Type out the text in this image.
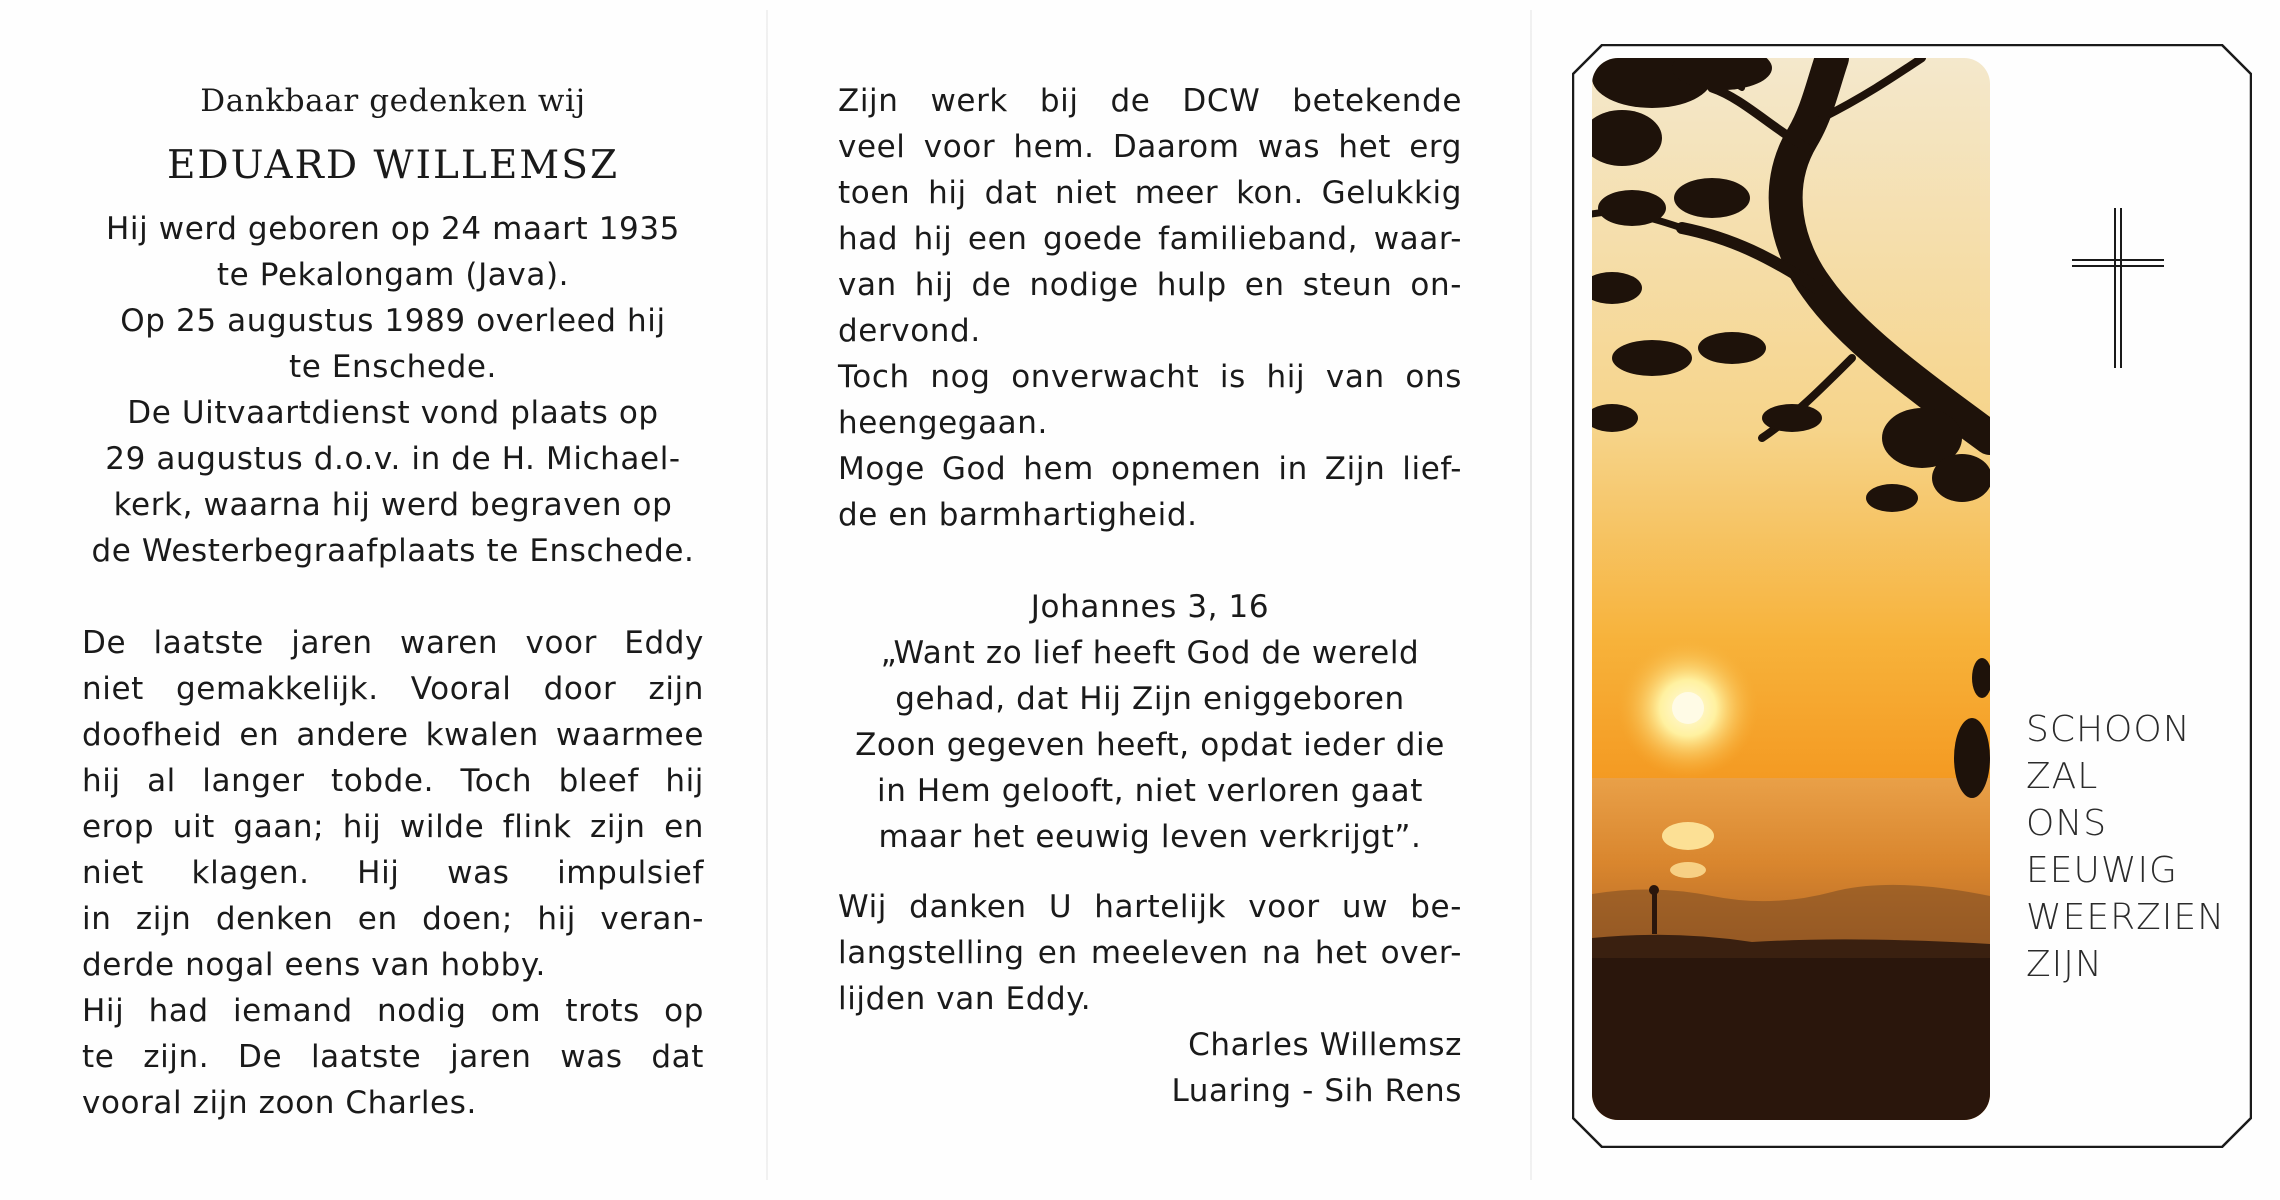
Dankbaar gedenken wij
EDUARD WILLEMSZ
Hij werd geboren op 24 maart 1935
te Pekalongam (Java).
Op 25 augustus 1989 overleed hij
te Enschede.
De Uitvaartdienst vond plaats op
29 augustus d.o.v. in de H. Michael-
kerk, waarna hij werd begraven op
de Westerbegraafplaats te Enschede.
De laatste jaren waren voor Eddy
niet gemakkelijk. Vooral door zijn
doofheid en andere kwalen waarmee
hij al langer tobde. Toch bleef hij
erop uit gaan; hij wilde flink zijn en
niet klagen. Hij was impulsief
in zijn denken en doen; hij veran-
derde nogal eens van hobby.
Hij had iemand nodig om trots op
te zijn. De laatste jaren was dat
vooral zijn zoon Charles.
Zijn werk bij de DCW betekende
veel voor hem. Daarom was het erg
toen hij dat niet meer kon. Gelukkig
had hij een goede familieband, waar-
van hij de nodige hulp en steun on-
dervond.
Toch nog onverwacht is hij van ons
heengegaan.
Moge God hem opnemen in Zijn lief-
de en barmhartigheid.
Johannes 3, 16
„Want zo lief heeft God de wereld
gehad, dat Hij Zijn eniggeboren
Zoon gegeven heeft, opdat ieder die
in Hem gelooft, niet verloren gaat
maar het eeuwig leven verkrijgt”.
Wij danken U hartelijk voor uw be-
langstelling en meeleven na het over-
lijden van Eddy.
Charles Willemsz
Luaring - Sih Rens
SCHOON
ZAL
ONS
EEUWIG
WEERZIEN
ZIJN
